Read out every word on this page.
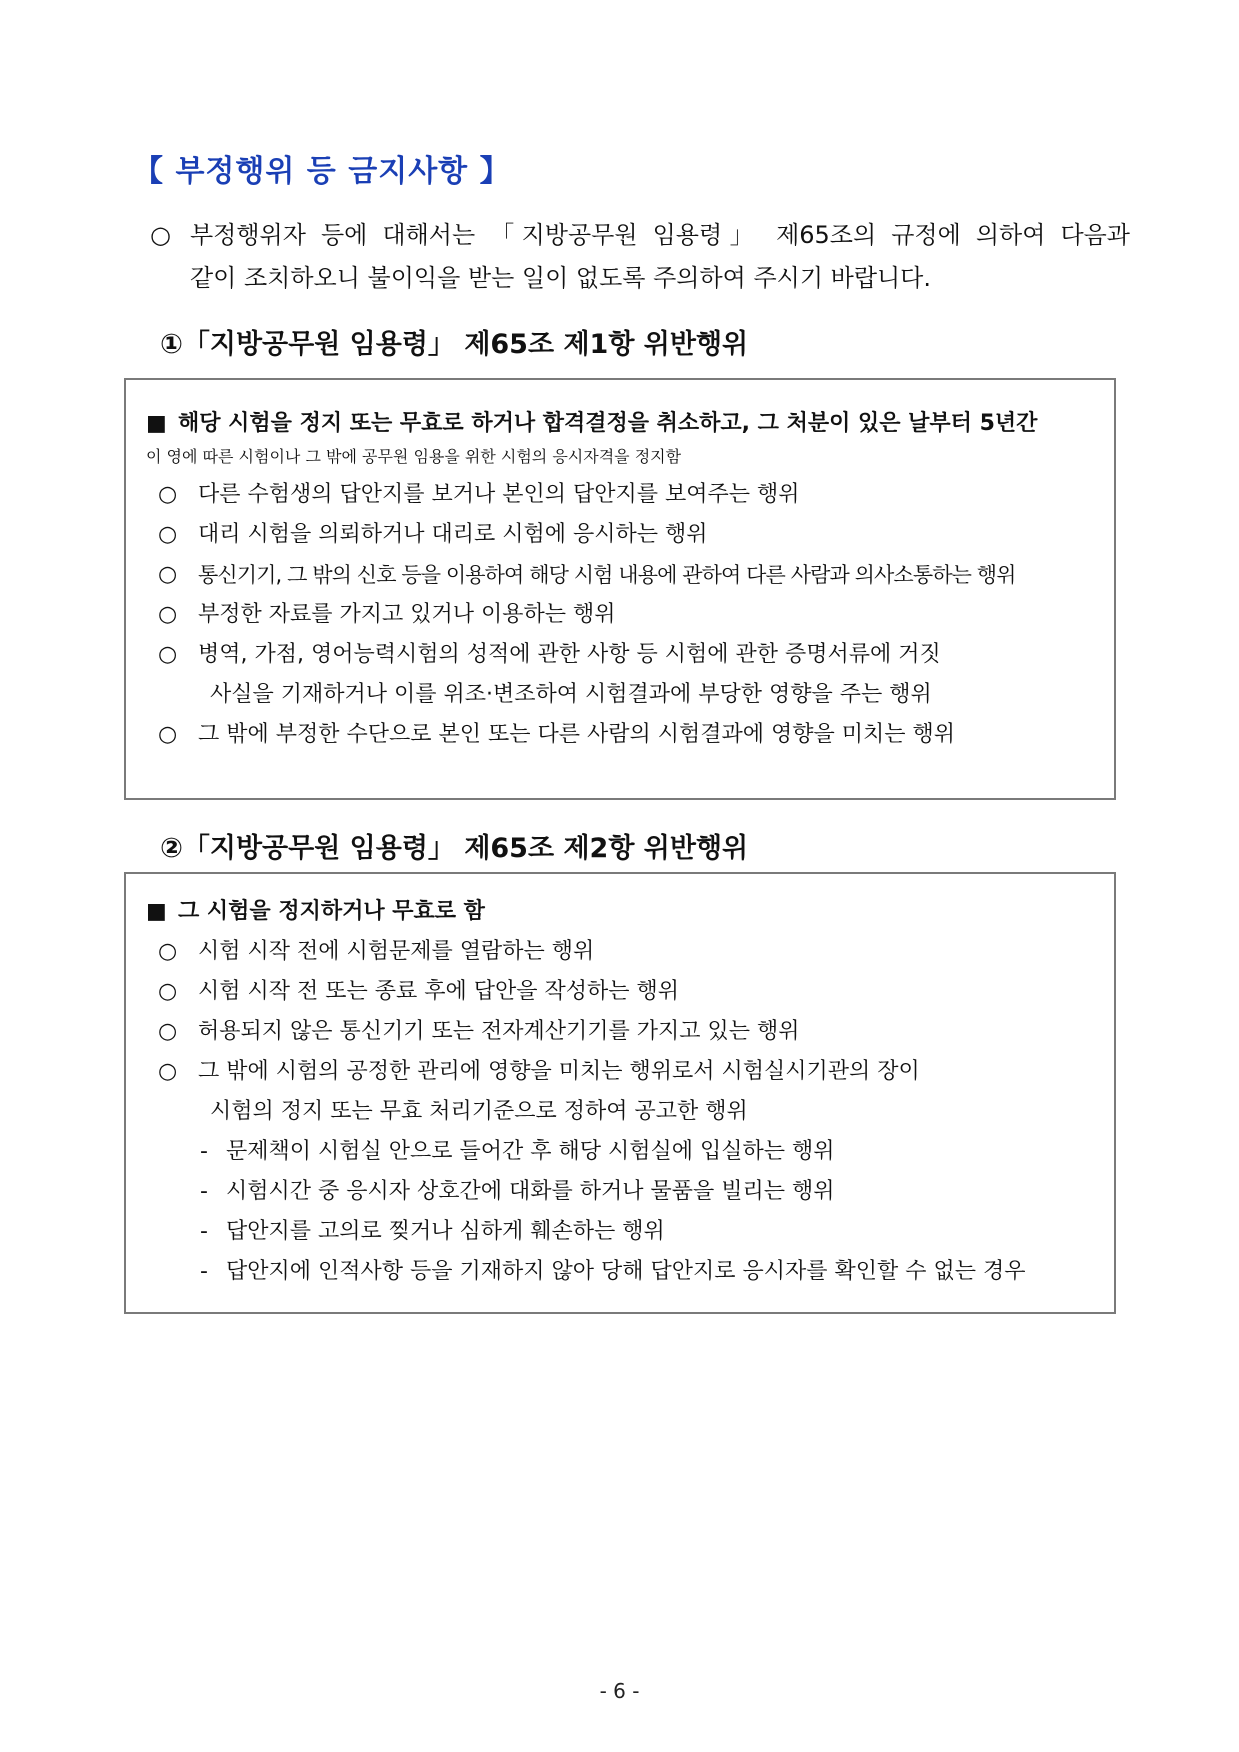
【 부정행위 등 금지사항 】
○ 부정행위자 등에 대해서는 「지방공무원 임용령」 제65조의 규정에 의하여 다음과
같이 조치하오니 불이익을 받는 일이 없도록 주의하여 주시기 바랍니다.
①「지방공무원 임용령」 제65조 제1항 위반행위
■ 해당 시험을 정지 또는 무효로 하거나 합격결정을 취소하고, 그 처분이 있은 날부터 5년간
이 영에 따른 시험이나 그 밖에 공무원 임용을 위한 시험의 응시자격을 정지함
○ 다른 수험생의 답안지를 보거나 본인의 답안지를 보여주는 행위
○ 대리 시험을 의뢰하거나 대리로 시험에 응시하는 행위
○ 통신기기, 그 밖의 신호 등을 이용하여 해당 시험 내용에 관하여 다른 사람과 의사소통하는 행위
○ 부정한 자료를 가지고 있거나 이용하는 행위
○ 병역, 가점, 영어능력시험의 성적에 관한 사항 등 시험에 관한 증명서류에 거짓
사실을 기재하거나 이를 위조·변조하여 시험결과에 부당한 영향을 주는 행위
○ 그 밖에 부정한 수단으로 본인 또는 다른 사람의 시험결과에 영향을 미치는 행위
②「지방공무원 임용령」 제65조 제2항 위반행위
■ 그 시험을 정지하거나 무효로 함
○ 시험 시작 전에 시험문제를 열람하는 행위
○ 시험 시작 전 또는 종료 후에 답안을 작성하는 행위
○ 허용되지 않은 통신기기 또는 전자계산기기를 가지고 있는 행위
○ 그 밖에 시험의 공정한 관리에 영향을 미치는 행위로서 시험실시기관의 장이
시험의 정지 또는 무효 처리기준으로 정하여 공고한 행위
- 문제책이 시험실 안으로 들어간 후 해당 시험실에 입실하는 행위
- 시험시간 중 응시자 상호간에 대화를 하거나 물품을 빌리는 행위
- 답안지를 고의로 찢거나 심하게 훼손하는 행위
- 답안지에 인적사항 등을 기재하지 않아 당해 답안지로 응시자를 확인할 수 없는 경우
- 6 -
